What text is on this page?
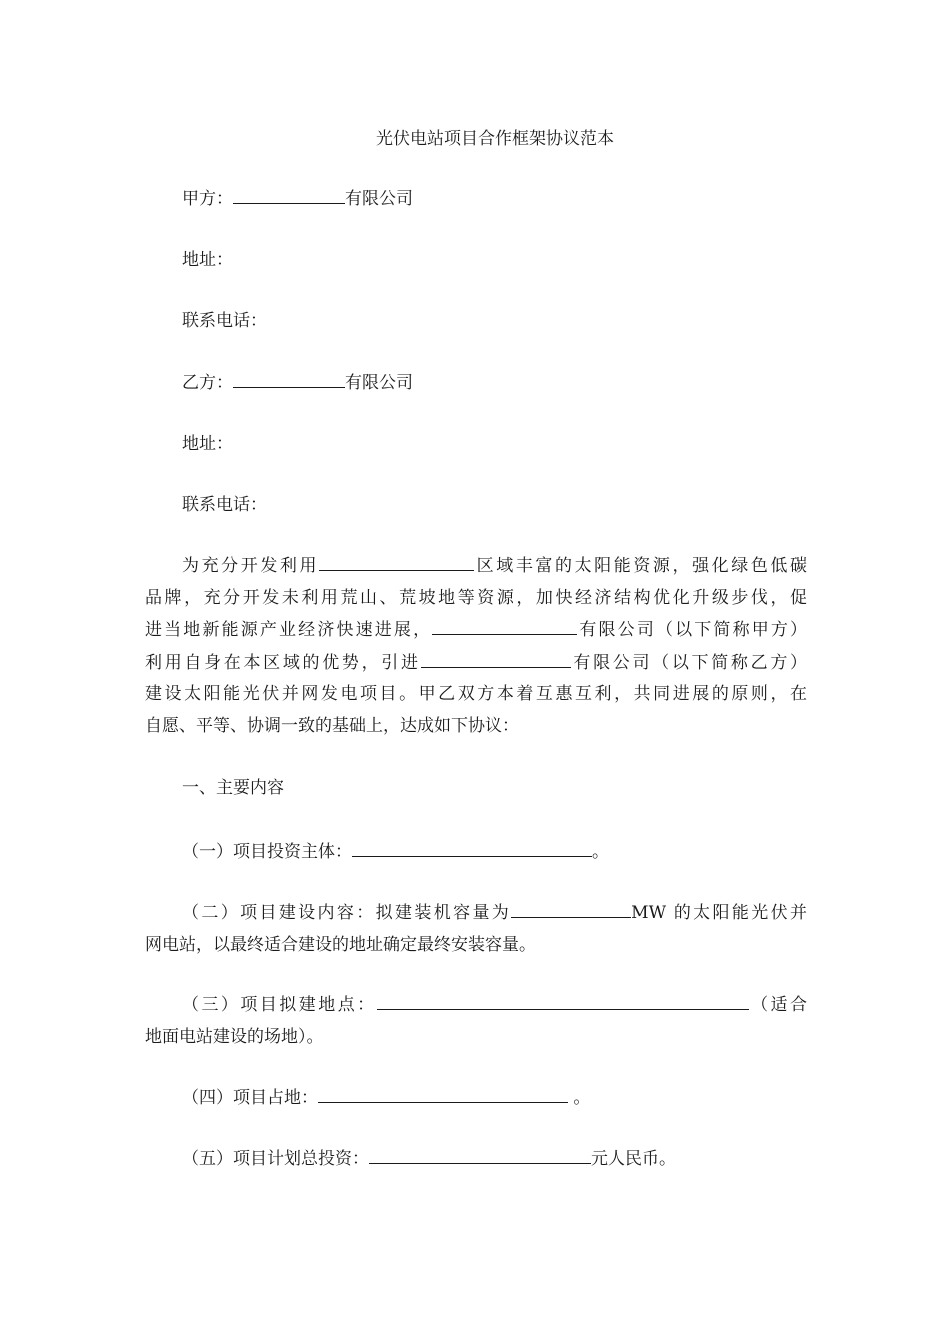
光伏电站项目合作框架协议范本
甲方：	有限公司
地址：
联系电话：
乙方：	有限公司
地址：
联系电话：
为充分开发利用	区域丰富的太阳能资源，强化绿色低碳
品牌，充分开发未利用荒山、荒坡地等资源，加快经济结构优化升级步伐，促
进当地新能源产业经济快速进展，	有限公司（以下简称甲方）
利用自身在本区域的优势，引进	有限公司（以下简称乙方）
建设太阳能光伏并网发电项目。甲乙双方本着互惠互利，共同进展的原则，在
自愿、平等、协调一致的基础上，达成如下协议：
一、主要内容
（一）项目投资主体：	。
（二）项目建设内容：拟建装机容量为	MW 的太阳能光伏并
网电站，以最终适合建设的地址确定最终安装容量。
（三）项目拟建地点：	（适合
地面电站建设的场地）。
（四）项目占地：	。
（五）项目计划总投资：	元人民币。
